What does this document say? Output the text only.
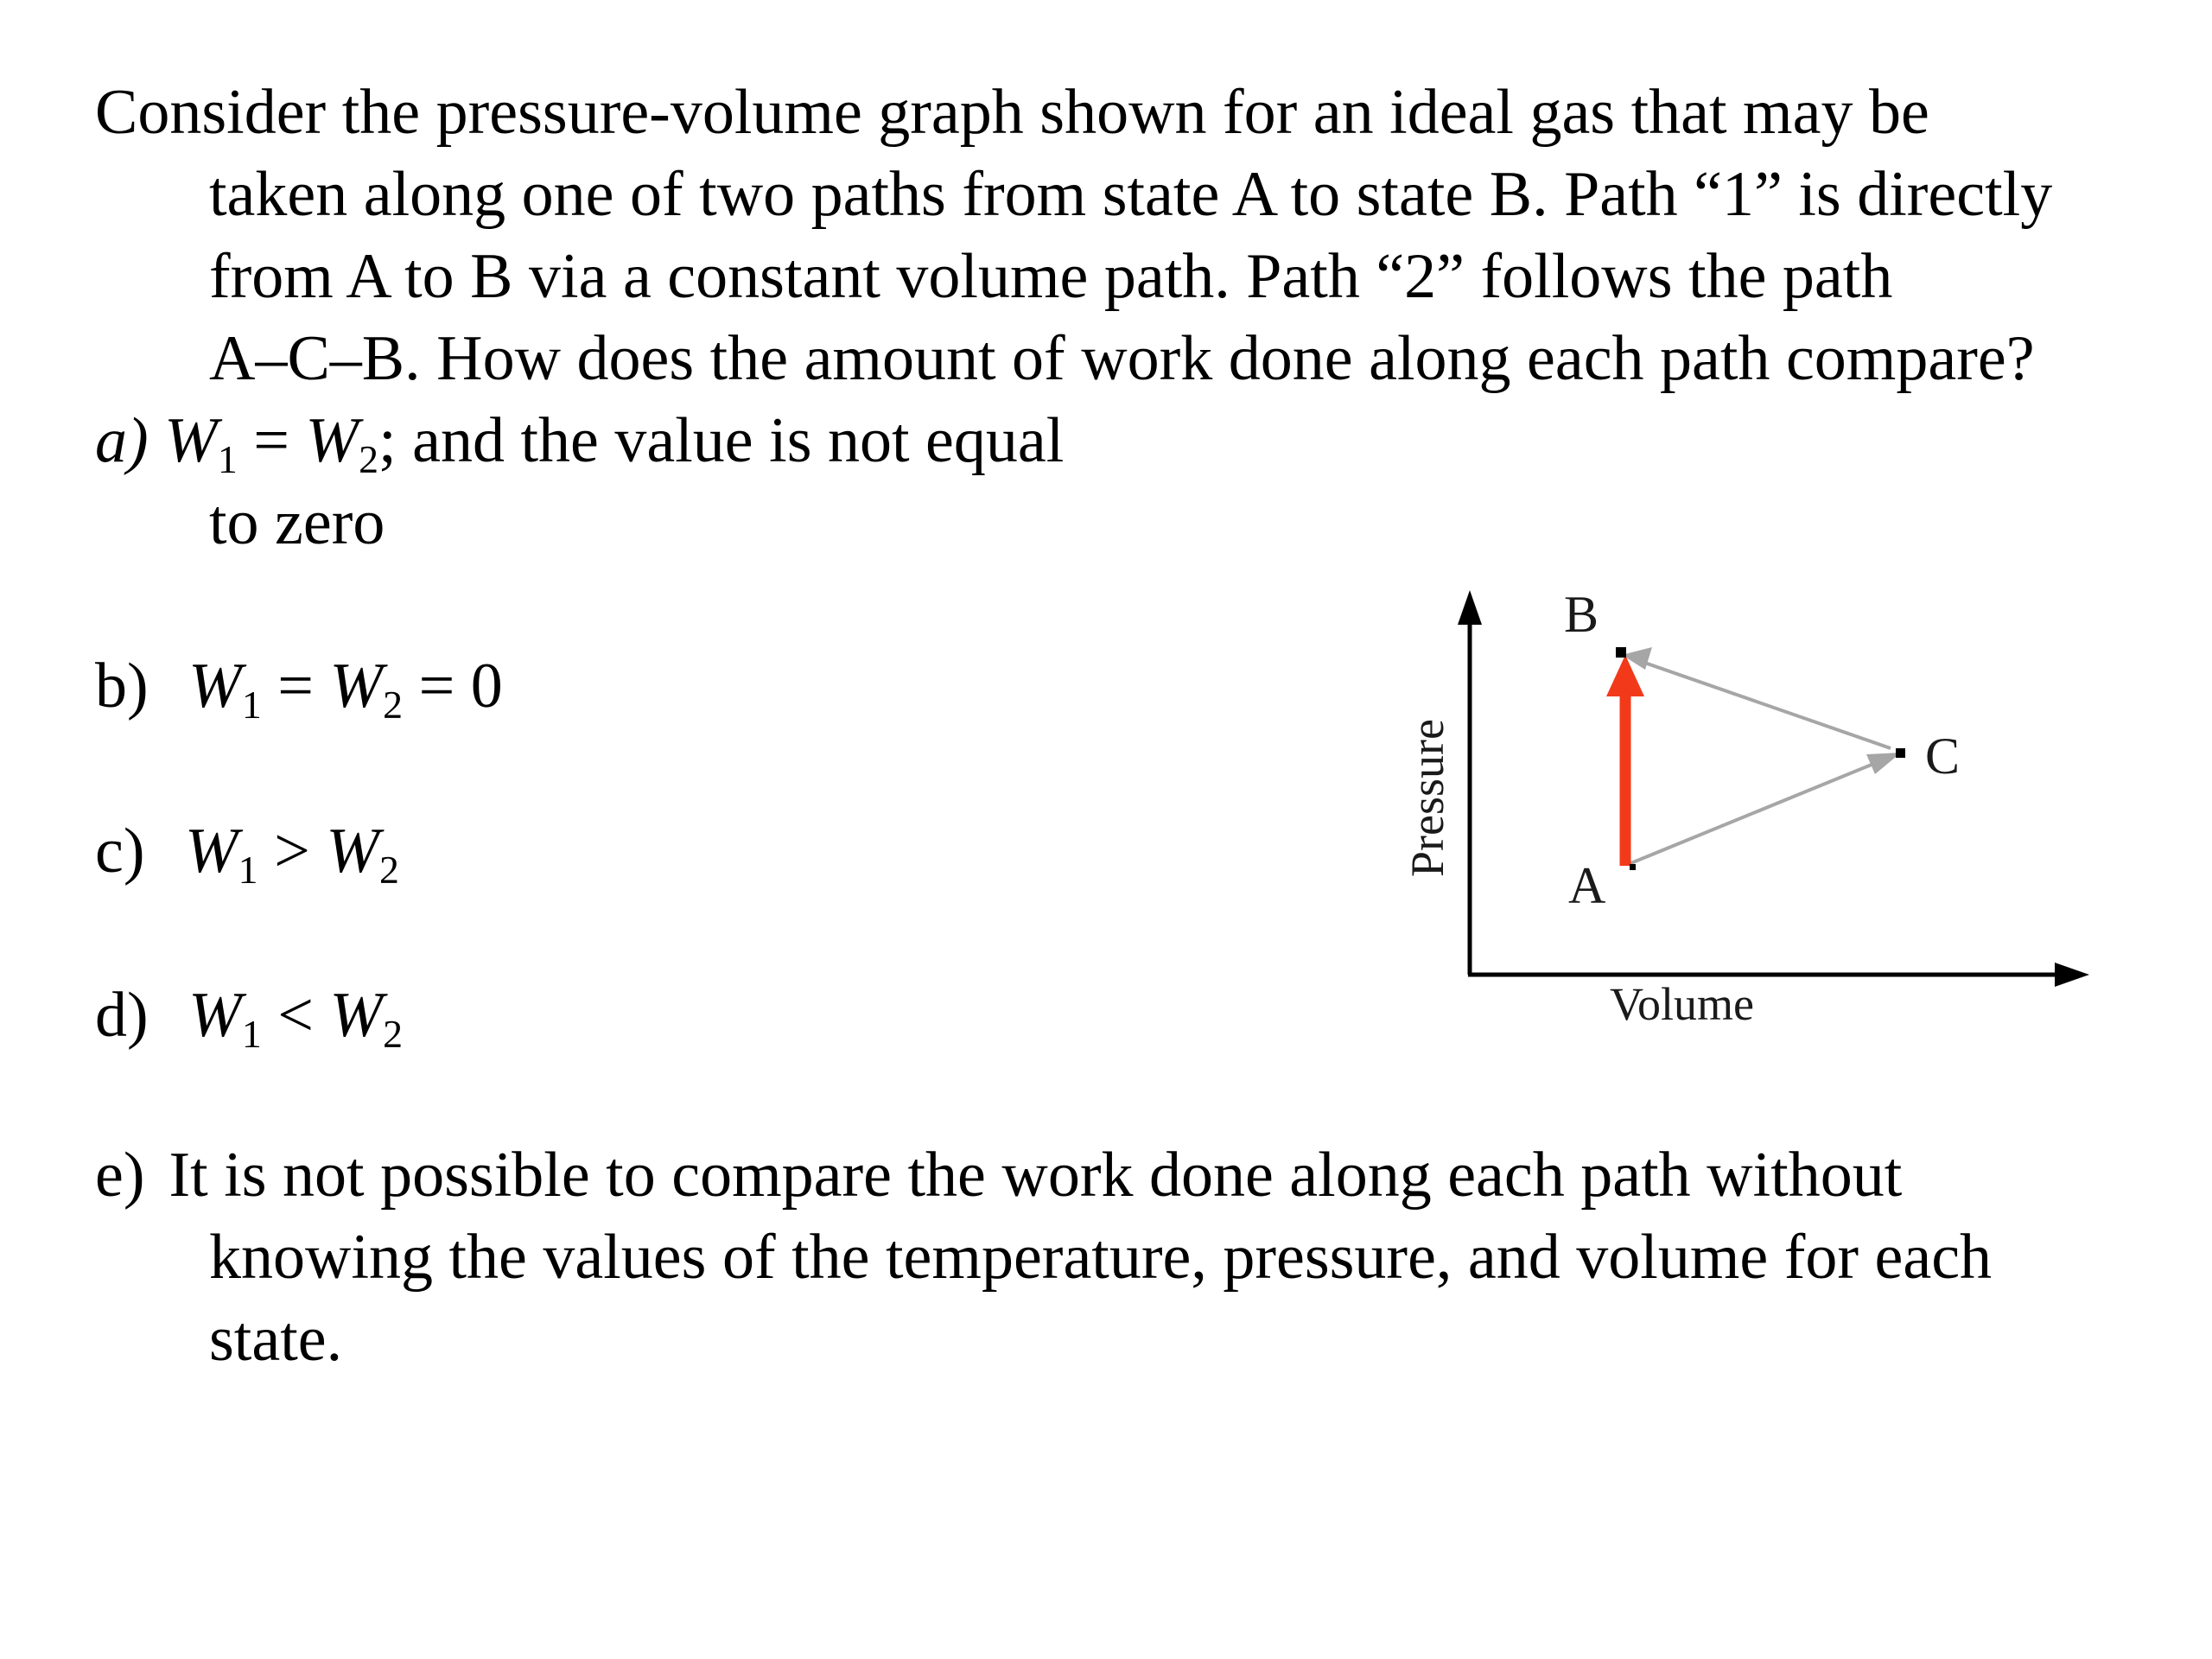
Consider the pressure-volume graph shown for an ideal gas that may be
taken along one of two paths from state A to state B. Path “1” is directly
from A to B via a constant volume path. Path “2” follows the path
A–C–B. How does the amount of work done along each path compare?
a) W1 = W2; and the value is not equal
to zero
b) W1 = W2 = 0
c) W1 > W2
d) W1 < W2
e) It is not possible to compare the work done along each path without
knowing the values of the temperature, pressure, and volume for each
state.
B
C
A
Volume
Pressure
